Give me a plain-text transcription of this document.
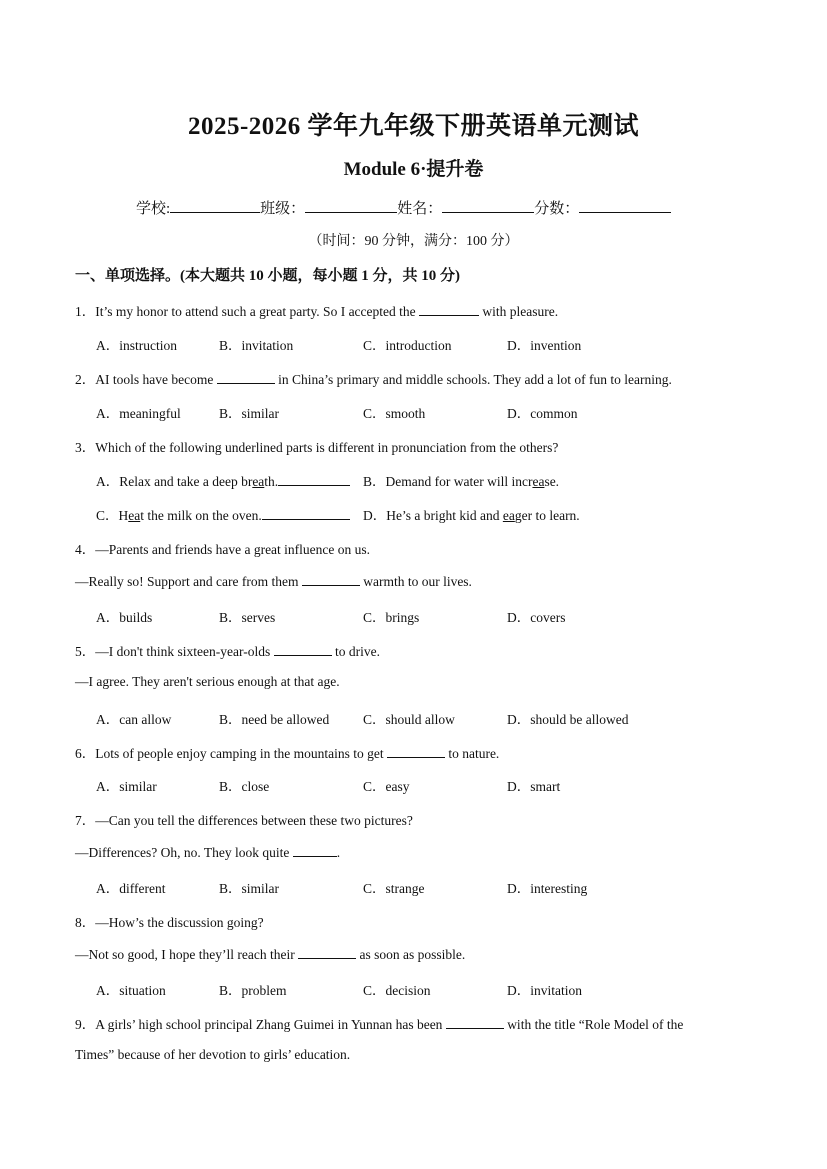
2025-2026 学年九年级下册英语单元测试
Module 6·提升卷
学校:	班级：	姓名：	分数：
（时间：90 分钟，满分：100 分）
一、单项选择。(本大题共 10 小题，每小题 1 分，共 10 分)
1．It’s my honor to attend such a great party. So I accepted the	with pleasure.
A．instruction	B．invitation	C．introduction	D．invention
2．AI tools have become	in China’s primary and middle schools. They add a lot of fun to learning.
A．meaningful	B．similar	C．smooth	D．common
3．Which of the following underlined parts is different in pronunciation from the others?
A．Relax and take a deep breath.	B．Demand for water will increase.
C．Heat the milk on the oven.	D．He’s a bright kid and eager to learn.
4．—Parents and friends have a great influence on us.
—Really so! Support and care from them	warmth to our lives.
A．builds	B．serves	C．brings	D．covers
5．—I don't think sixteen-year-olds	to drive.
—I agree. They aren't serious enough at that age.
A．can allow	B．need be allowed	C．should allow	D．should be allowed
6．Lots of people enjoy camping in the mountains to get	to nature.
A．similar	B．close	C．easy	D．smart
7．—Can you tell the differences between these two pictures?
—Differences? Oh, no. They look quite	.
A．different	B．similar	C．strange	D．interesting
8．—How’s the discussion going?
—Not so good, I hope they’ll reach their	as soon as possible.
A．situation	B．problem	C．decision	D．invitation
9．A girls’ high school principal Zhang Guimei in Yunnan has been	with the title “Role Model of the
Times” because of her devotion to girls’ education.
